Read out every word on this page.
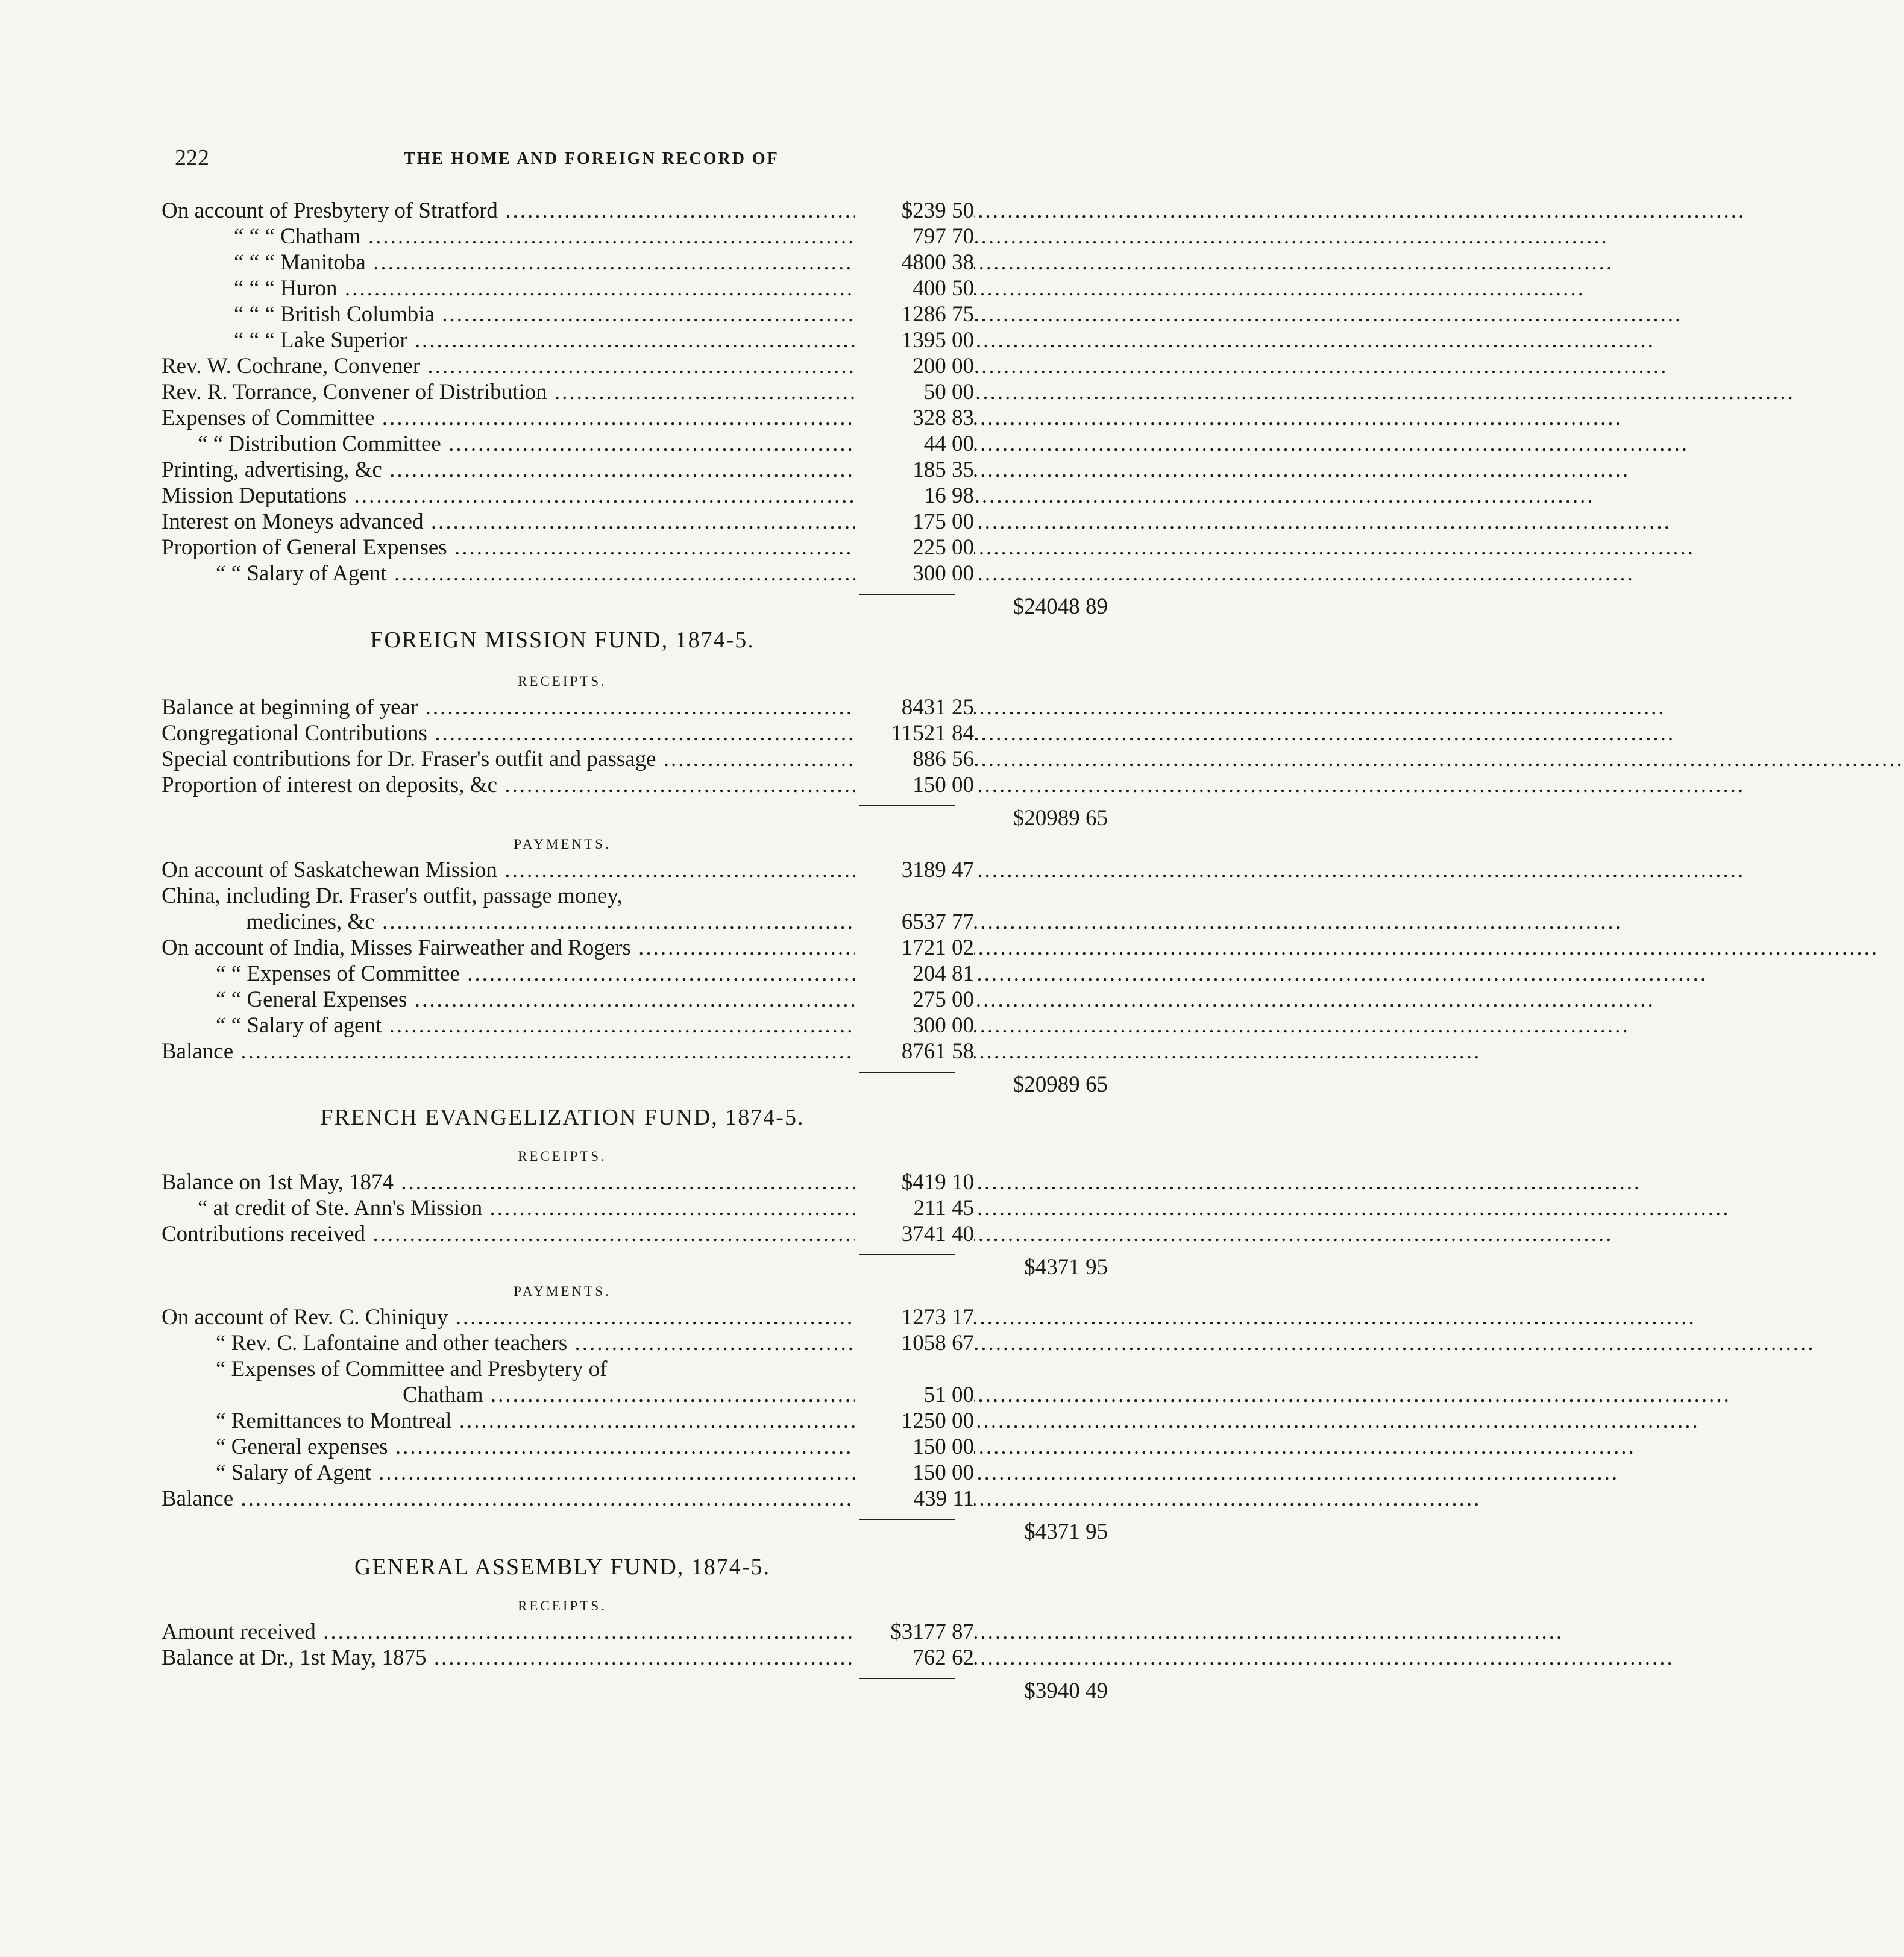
222	THE HOME AND FOREIGN RECORD OF
On account of Presbytery of Stratford .....	$239 50
“ “ “ Chatham .....	797 70
“ “ “ Manitoba .....	4800 38
“ “ “ Huron .....	400 50
“ “ “ British Columbia .....	1286 75
“ “ “ Lake Superior .....	1395 00
Rev. W. Cochrane, Convener .....	200 00
Rev. R. Torrance, Convener of Distribution .....	50 00
Expenses of Committee .....	328 83
“ “ Distribution Committee .....	44 00
Printing, advertising, &c .....	185 35
Mission Deputations .....	16 98
Interest on Moneys advanced .....	175 00
Proportion of General Expenses .....	225 00
“ “ Salary of Agent .....	300 00
$24048 89
FOREIGN MISSION FUND, 1874-5.
RECEIPTS.
Balance at beginning of year .....	8431 25
Congregational Contributions .....	11521 84
Special contributions for Dr. Fraser's outfit and passage .....	886 56
Proportion of interest on deposits, &c .....	150 00
$20989 65
PAYMENTS.
On account of Saskatchewan Mission .....	3189 47
China, including Dr. Fraser's outfit, passage money,
medicines, &c .....	6537 77
On account of India, Misses Fairweather and Rogers .....	1721 02
“ “ Expenses of Committee .....	204 81
“ “ General Expenses .....	275 00
“ “ Salary of agent .....	300 00
Balance .....	8761 58
$20989 65
FRENCH EVANGELIZATION FUND, 1874-5.
RECEIPTS.
Balance on 1st May, 1874 .....	$419 10
“ at credit of Ste. Ann's Mission .....	211 45
Contributions received .....	3741 40
$4371 95
PAYMENTS.
On account of Rev. C. Chiniquy .....	1273 17
“ Rev. C. Lafontaine and other teachers .....	1058 67
“ Expenses of Committee and Presbytery of
Chatham .....	51 00
“ Remittances to Montreal .....	1250 00
“ General expenses .....	150 00
“ Salary of Agent .....	150 00
Balance .....	439 11
$4371 95
GENERAL ASSEMBLY FUND, 1874-5.
RECEIPTS.
Amount received .....	$3177 87
Balance at Dr., 1st May, 1875 .....	762 62
$3940 49
